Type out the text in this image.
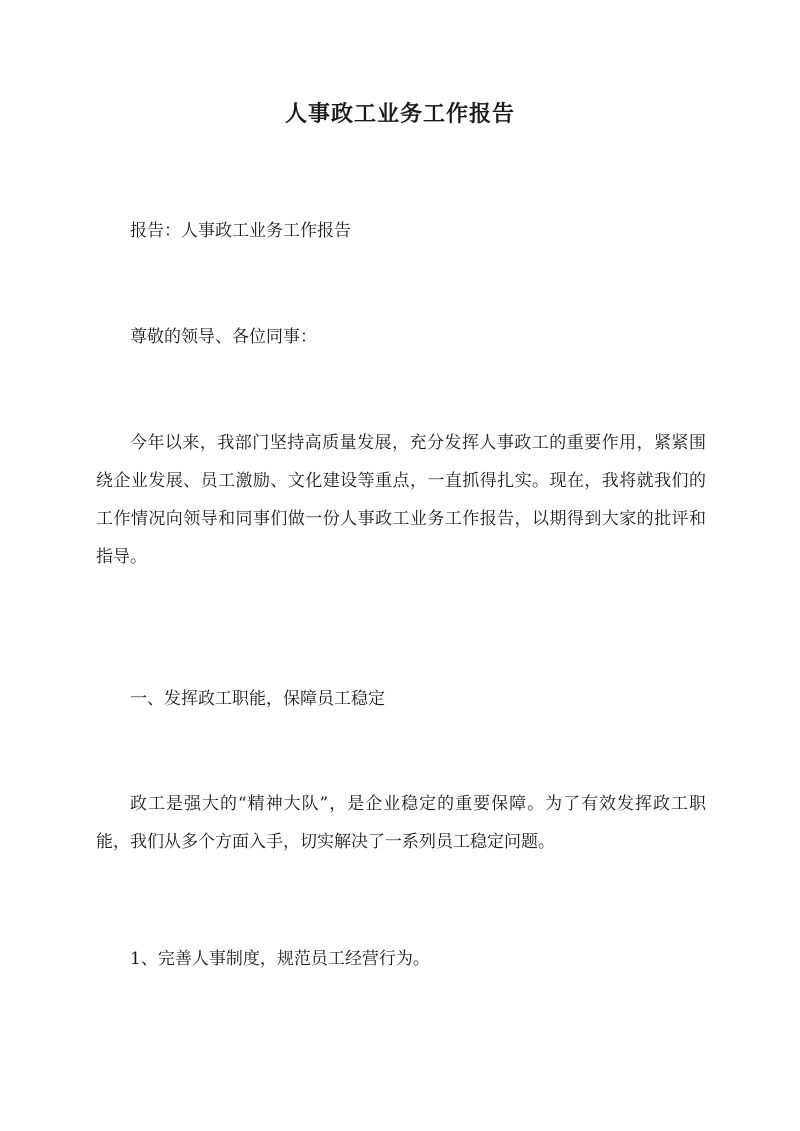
人事政工业务工作报告

报告：人事政工业务工作报告

尊敬的领导、各位同事：

今年以来，我部门坚持高质量发展，充分发挥人事政工的重要作用，紧紧围绕企业发展、员工激励、文化建设等重点，一直抓得扎实。现在，我将就我们的工作情况向领导和同事们做一份人事政工业务工作报告，以期得到大家的批评和指导。

一、发挥政工职能，保障员工稳定

政工是强大的“精神大队”，是企业稳定的重要保障。为了有效发挥政工职能，我们从多个方面入手，切实解决了一系列员工稳定问题。

1、完善人事制度，规范员工经营行为。
